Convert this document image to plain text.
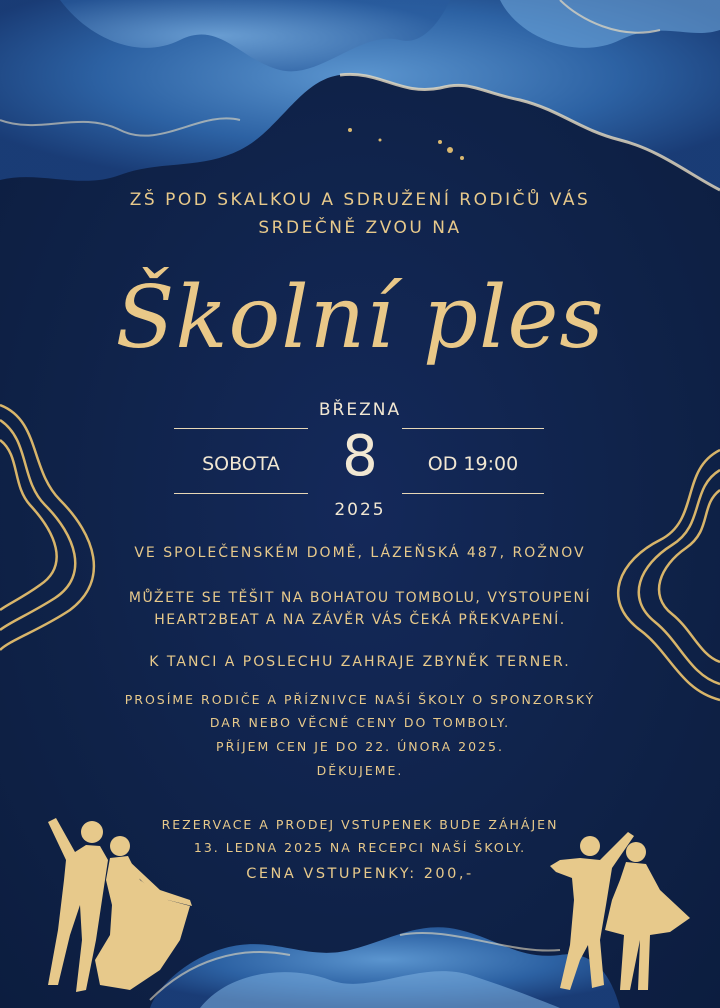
ZŠ POD SKALKOU A SDRUŽENÍ RODIČŮ VÁS
SRDEČNĚ ZVOU NA
Školní ples
BŘEZNA
8
SOBOTA	OD 19:00
2025
VE SPOLEČENSKÉM DOMĚ, LÁZEŇSKÁ 487, ROŽNOV
MŮŽETE SE TĚŠIT NA BOHATOU TOMBOLU, VYSTOUPENÍ
HEART2BEAT A NA ZÁVĚR VÁS ČEKÁ PŘEKVAPENÍ.
K TANCI A POSLECHU ZAHRAJE ZBYNĚK TERNER.
PROSÍME RODIČE A PŘÍZNIVCE NAŠÍ ŠKOLY O SPONZORSKÝ
DAR NEBO VĚCNÉ CENY DO TOMBOLY.
PŘÍJEM CEN JE DO 22. ÚNORA 2025.
DĚKUJEME.
REZERVACE A PRODEJ VSTUPENEK BUDE ZÁHÁJEN
13. LEDNA 2025 NA RECEPCI NAŠÍ ŠKOLY.
CENA VSTUPENKY: 200,-
